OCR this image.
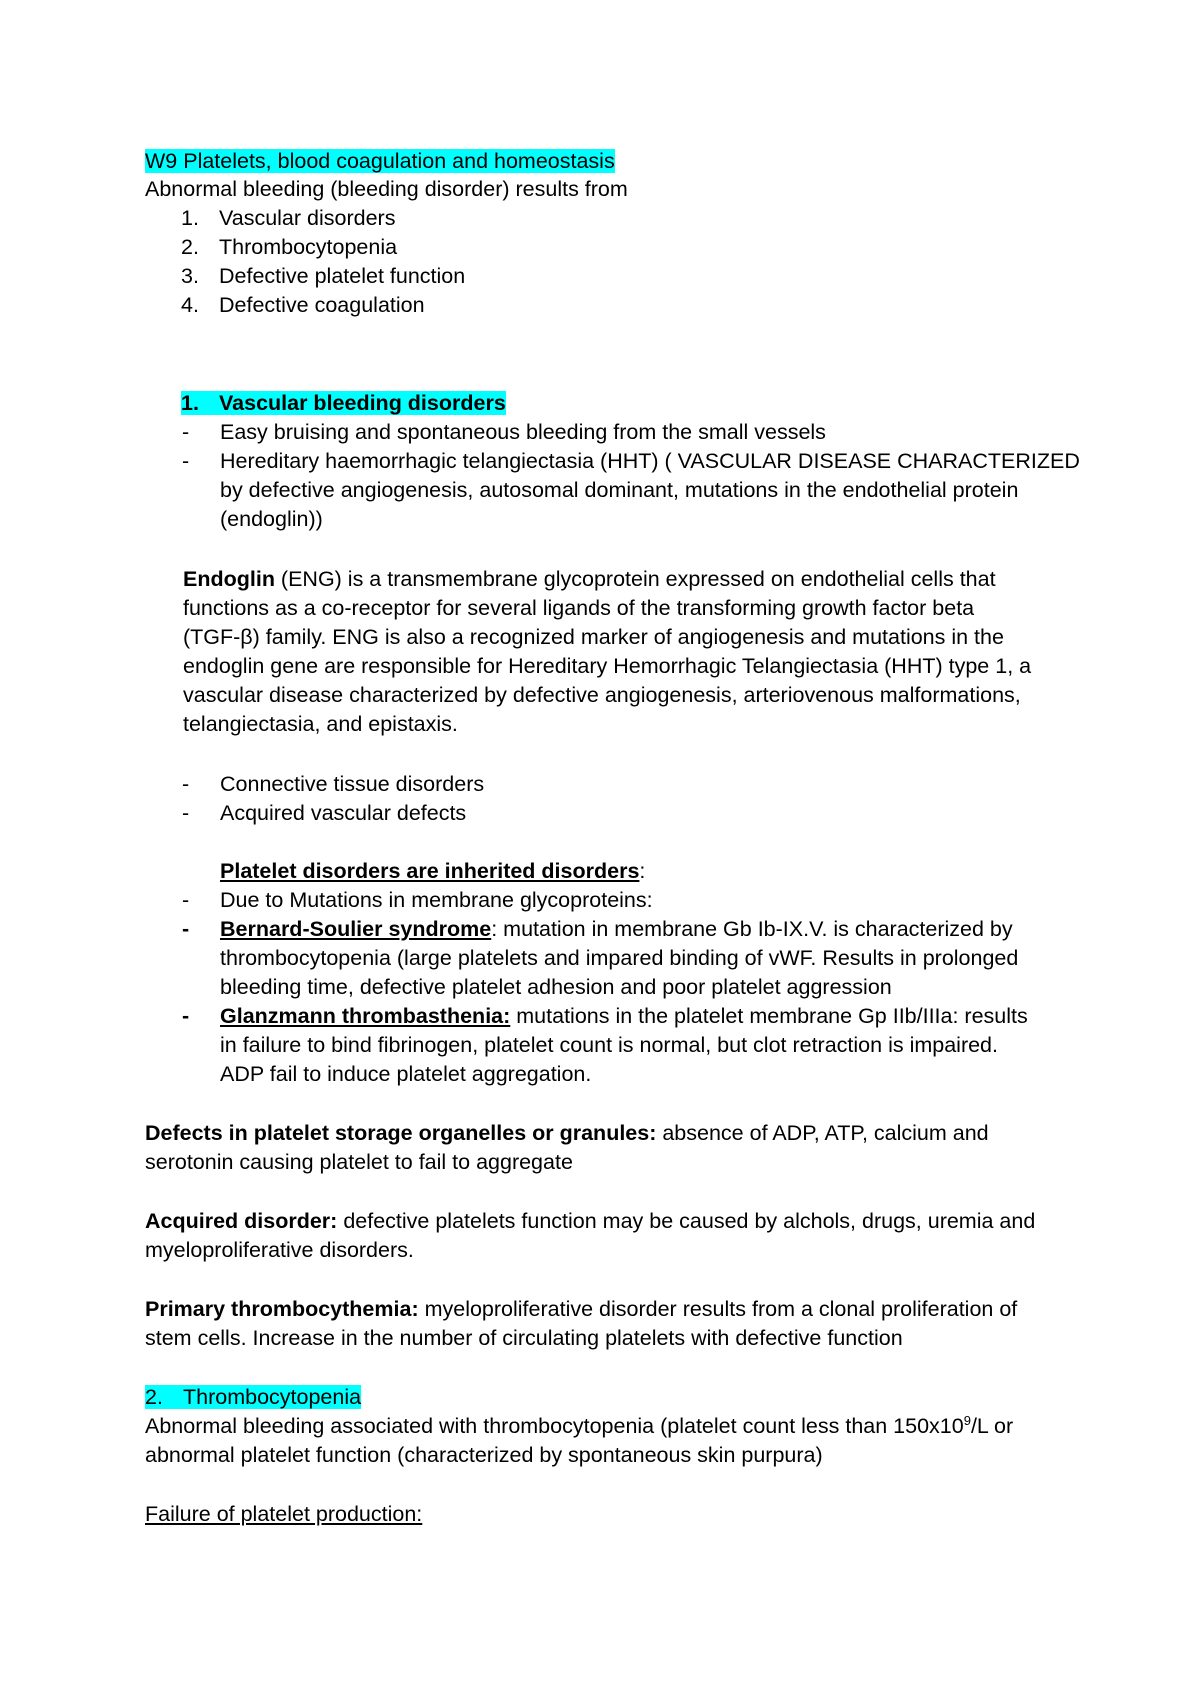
W9 Platelets, blood coagulation and homeostasis
Abnormal bleeding (bleeding disorder) results from
1. Vascular disorders
2. Thrombocytopenia
3. Defective platelet function
4. Defective coagulation
1. Vascular bleeding disorders
- Easy bruising and spontaneous bleeding from the small vessels
- Hereditary haemorrhagic telangiectasia (HHT) ( VASCULAR DISEASE CHARACTERIZED
by defective angiogenesis, autosomal dominant, mutations in the endothelial protein
(endoglin))
Endoglin (ENG) is a transmembrane glycoprotein expressed on endothelial cells that
functions as a co-receptor for several ligands of the transforming growth factor beta
(TGF-β) family. ENG is also a recognized marker of angiogenesis and mutations in the
endoglin gene are responsible for Hereditary Hemorrhagic Telangiectasia (HHT) type 1, a
vascular disease characterized by defective angiogenesis, arteriovenous malformations,
telangiectasia, and epistaxis.
- Connective tissue disorders
- Acquired vascular defects
Platelet disorders are inherited disorders:
- Due to Mutations in membrane glycoproteins:
- Bernard-Soulier syndrome: mutation in membrane Gb Ib-IX.V. is characterized by
thrombocytopenia (large platelets and impared binding of vWF. Results in prolonged
bleeding time, defective platelet adhesion and poor platelet aggression
- Glanzmann thrombasthenia: mutations in the platelet membrane Gp IIb/IIIa: results
in failure to bind fibrinogen, platelet count is normal, but clot retraction is impaired.
ADP fail to induce platelet aggregation.
Defects in platelet storage organelles or granules: absence of ADP, ATP, calcium and
serotonin causing platelet to fail to aggregate
Acquired disorder: defective platelets function may be caused by alchols, drugs, uremia and
myeloproliferative disorders.
Primary thrombocythemia: myeloproliferative disorder results from a clonal proliferation of
stem cells. Increase in the number of circulating platelets with defective function
2. Thrombocytopenia
Abnormal bleeding associated with thrombocytopenia (platelet count less than $150x10^9/L$ or
abnormal platelet function (characterized by spontaneous skin purpura)
Failure of platelet production:
